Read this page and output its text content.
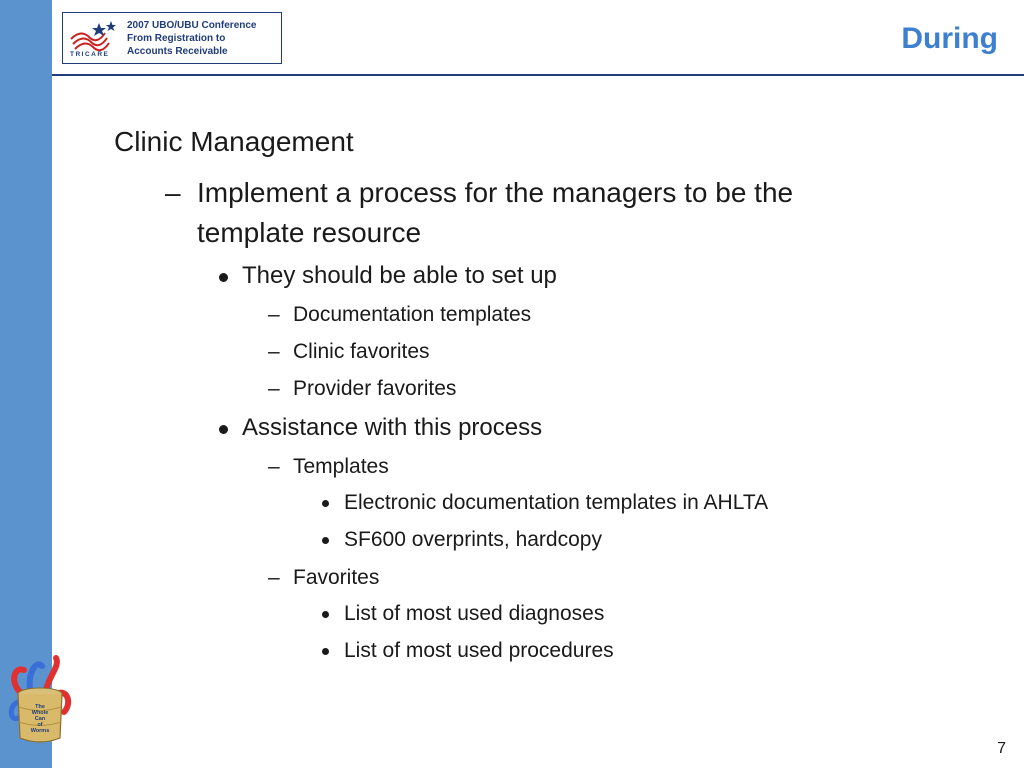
TRICARE
2007 UBO/UBU Conference
From Registration to
Accounts Receivable	During
Clinic Management
– Implement a process for the managers to be the
template resource
They should be able to set up
– Documentation templates
– Clinic favorites
– Provider favorites
Assistance with this process
– Templates
Electronic documentation templates in AHLTA
SF600 overprints, hardcopy
– Favorites
List of most used diagnoses
List of most used procedures
The
Whole
Can
of
Worms
7
